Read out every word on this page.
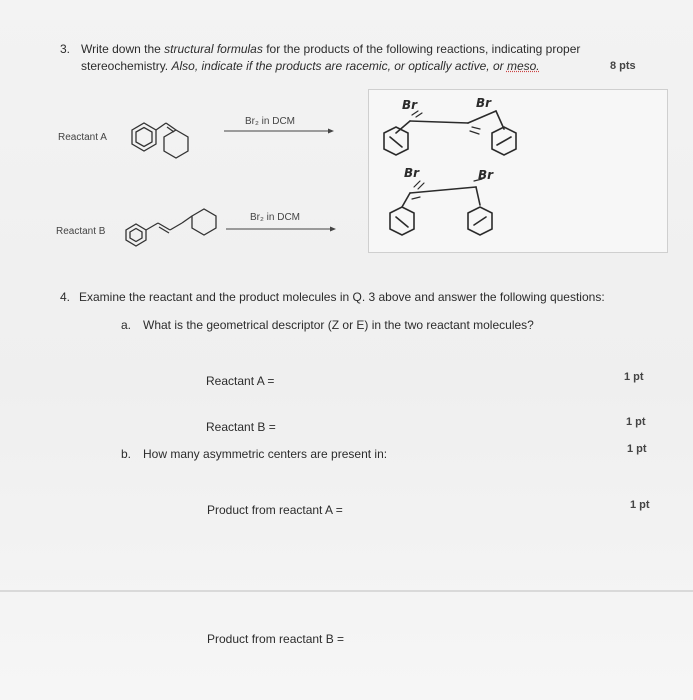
3. Write down the structural formulas for the products of the following reactions, indicating proper
stereochemistry. Also, indicate if the products are racemic, or optically active, or meso.	8 pts
Reactant A
Br₂ in DCM
Reactant B
Br₂ in DCM
Br	Br
Br	Br
4. Examine the reactant and the product molecules in Q. 3 above and answer the following questions:
a. What is the geometrical descriptor (Z or E) in the two reactant molecules?
Reactant A =	1 pt
Reactant B =	1 pt
b. How many asymmetric centers are present in:	1 pt
Product from reactant A =	1 pt
Product from reactant B =
